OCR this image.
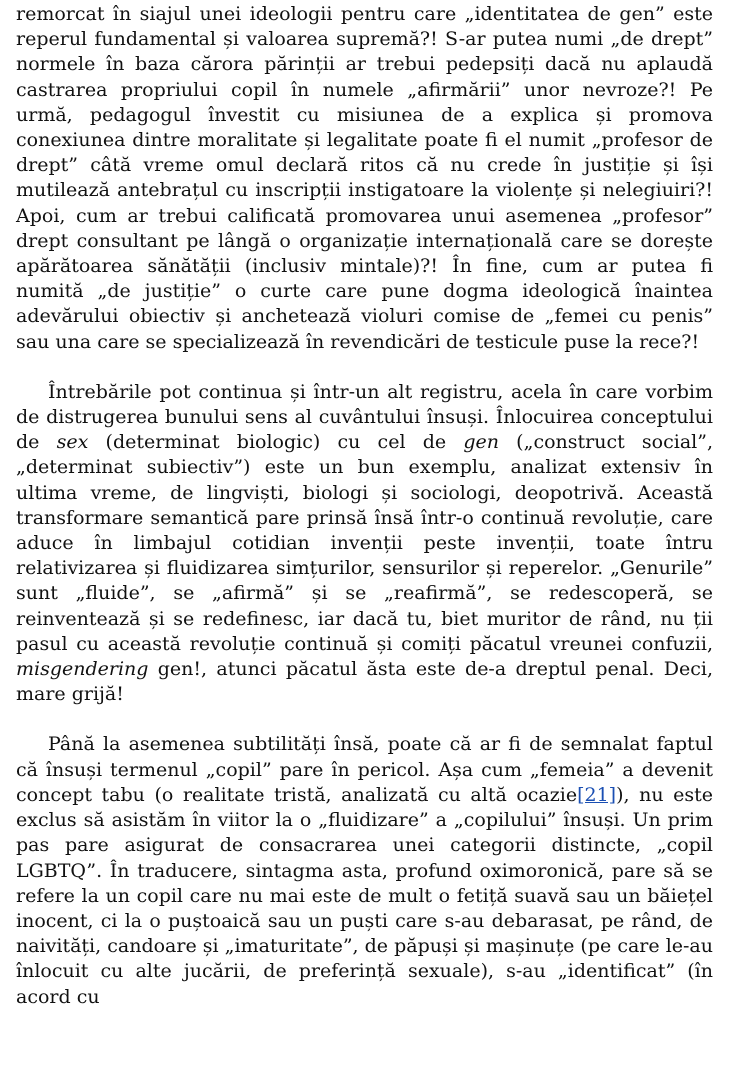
remorcat în siajul unei ideologii pentru care „identitatea de gen” este reperul fundamental și valoarea supremă?! S-ar putea numi „de drept” normele în baza cărora părinții ar trebui pedepsiți dacă nu aplaudă castrarea propriului copil în numele „afirmării” unor nevroze?! Pe urmă, pedagogul învestit cu misiunea de a explica și promova conexiunea dintre moralitate și legalitate poate fi el numit „profesor de drept” câtă vreme omul declară ritos că nu crede în justiție și își mutilează antebrațul cu inscripții instigatoare la violențe și nelegiuiri?! Apoi, cum ar trebui calificată promovarea unui asemenea „profesor” drept consultant pe lângă o organizație internațională care se dorește apărătoarea sănătății (inclusiv mintale)?! În fine, cum ar putea fi numită „de justiție” o curte care pune dogma ideologică înaintea adevărului obiectiv și anchetează violuri comise de „femei cu penis” sau una care se specializează în revendicări de testicule puse la rece?!

Întrebările pot continua și într-un alt registru, acela în care vorbim de distrugerea bunului sens al cuvântului însuși. Înlocuirea conceptului de sex (determinat biologic) cu cel de gen („construct social”, „determinat subiectiv”) este un bun exemplu, analizat extensiv în ultima vreme, de lingviști, biologi și sociologi, deopotrivă. Această transformare semantică pare prinsă însă într-o continuă revoluție, care aduce în limbajul cotidian invenții peste invenții, toate întru relativizarea și fluidizarea simțurilor, sensurilor și reperelor. „Genurile” sunt „fluide”, se „afirmă” și se „reafirmă”, se redescoperă, se reinventează și se redefinesc, iar dacă tu, biet muritor de rând, nu ții pasul cu această revoluție continuă și comiți păcatul vreunei confuzii, misgendering gen!, atunci păcatul ăsta este de-a dreptul penal. Deci, mare grijă!

Până la asemenea subtilități însă, poate că ar fi de semnalat faptul că însuși termenul „copil” pare în pericol. Așa cum „femeia” a devenit concept tabu (o realitate tristă, analizată cu altă ocazie[21]), nu este exclus să asistăm în viitor la o „fluidizare” a „copilului” însuși. Un prim pas pare asigurat de consacrarea unei categorii distincte, „copil LGBTQ”. În traducere, sintagma asta, profund oximoronică, pare să se refere la un copil care nu mai este de mult o fetiță suavă sau un băiețel inocent, ci la o puștoaică sau un puști care s-au debarasat, pe rând, de naivități, candoare și „imaturitate”, de păpuși și mașinuțe (pe care le-au înlocuit cu alte jucării, de preferință sexuale), s-au „identificat” (în acord cu
